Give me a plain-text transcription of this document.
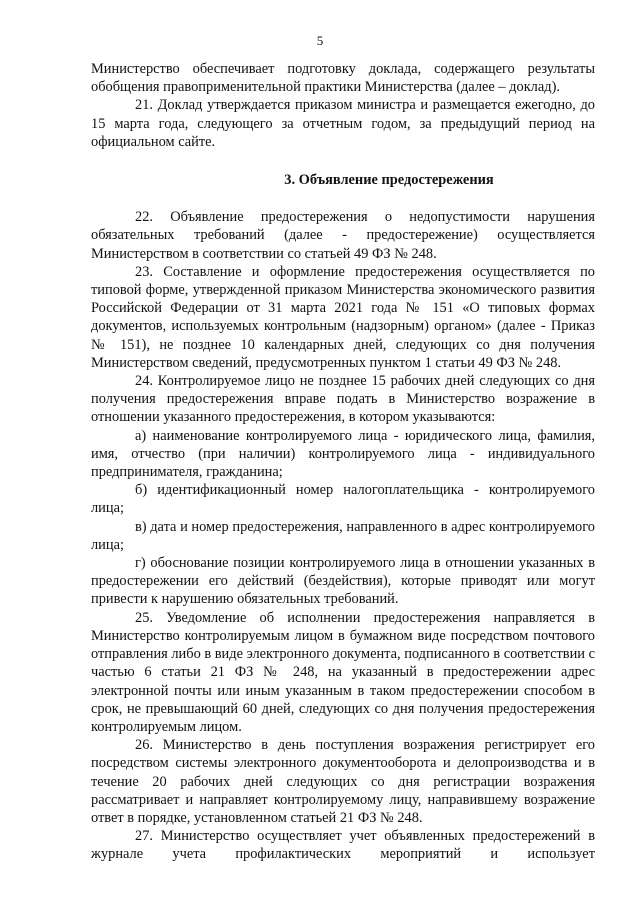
5

Министерство обеспечивает подготовку доклада, содержащего результаты обобщения правоприменительной практики Министерства (далее – доклад).

21. Доклад утверждается приказом министра и размещается ежегодно, до 15 марта года, следующего за отчетным годом, за предыдущий период на официальном сайте.

3. Объявление предостережения

22. Объявление предостережения о недопустимости нарушения обязательных требований (далее - предостережение) осуществляется Министерством в соответствии со статьей 49 ФЗ № 248.

23. Составление и оформление предостережения осуществляется по типовой форме, утвержденной приказом Министерства экономического развития Российской Федерации от 31 марта 2021 года № 151 «О типовых формах документов, используемых контрольным (надзорным) органом» (далее - Приказ № 151), не позднее 10 календарных дней, следующих со дня получения Министерством сведений, предусмотренных пунктом 1 статьи 49 ФЗ № 248.

24. Контролируемое лицо не позднее 15 рабочих дней следующих со дня получения предостережения вправе подать в Министерство возражение в отношении указанного предостережения, в котором указываются:

а) наименование контролируемого лица - юридического лица, фамилия, имя, отчество (при наличии) контролируемого лица - индивидуального предпринимателя, гражданина;

б) идентификационный номер налогоплательщика - контролируемого лица;

в) дата и номер предостережения, направленного в адрес контролируемого лица;

г) обоснование позиции контролируемого лица в отношении указанных в предостережении его действий (бездействия), которые приводят или могут привести к нарушению обязательных требований.

25. Уведомление об исполнении предостережения направляется в Министерство контролируемым лицом в бумажном виде посредством почтового отправления либо в виде электронного документа, подписанного в соответствии с частью 6 статьи 21 ФЗ № 248, на указанный в предостережении адрес электронной почты или иным указанным в таком предостережении способом в срок, не превышающий 60 дней, следующих со дня получения предостережения контролируемым лицом.

26. Министерство в день поступления возражения регистрирует его посредством системы электронного документооборота и делопроизводства и в течение 20 рабочих дней следующих со дня регистрации возражения рассматривает и направляет контролируемому лицу, направившему возражение ответ в порядке, установленном статьей 21 ФЗ № 248.

27. Министерство осуществляет учет объявленных предостережений в журнале учета профилактических мероприятий и использует
